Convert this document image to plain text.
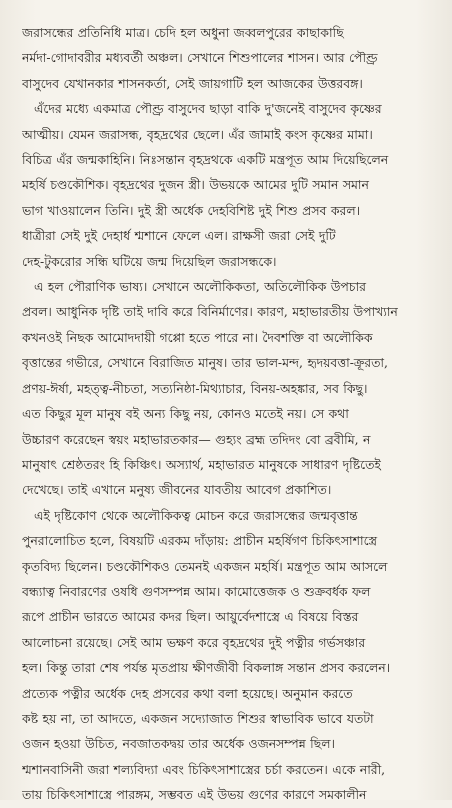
জরাসন্ধের প্রতিনিধি মাত্র। চেদি হল অধুনা জব্বলপুরের কাছাকাছি
নর্মদা-গোদাবরীর মধ্যবর্তী অঞ্চল। সেখানে শিশুপালের শাসন। আর পৌণ্ড্র
বাসুদেব যেখানকার শাসনকর্তা, সেই জায়গাটি হল আজকের উত্তরবঙ্গ।
এঁদের মধ্যে একমাত্র পৌণ্ড্র বাসুদেব ছাড়া বাকি দু'জনেই বাসুদেব কৃষ্ণের
আত্মীয়। যেমন জরাসন্ধ, বৃহদ্রথের ছেলে। এঁর জামাই কংস কৃষ্ণের মামা।
বিচিত্র এঁর জন্মকাহিনি। নিঃসন্তান বৃহদ্রথকে একটি মন্ত্রপূত আম দিয়েছিলেন
মহর্ষি চণ্ডকৌশিক। বৃহদ্রথের দুজন স্ত্রী। উভয়কে আমের দুটি সমান সমান
ভাগ খাওয়ালেন তিনি। দুই স্ত্রী অর্ধেক দেহবিশিষ্ট দুই শিশু প্রসব করল।
ধাত্রীরা সেই দুই দেহার্ধ শ্মশানে ফেলে এল। রাক্ষসী জরা সেই দুটি
দেহ-টুকরোর সন্ধি ঘটিয়ে জন্ম দিয়েছিল জরাসন্ধকে।
এ হল পৌরাণিক ভাষ্য। সেখানে অলৌকিকতা, অতিলৌকিক উপচার
প্রবল। আধুনিক দৃষ্টি তাই দাবি করে বিনির্মাণের। কারণ, মহাভারতীয় উপাখ্যান
কখনওই নিছক আমোদদায়ী গপ্পো হতে পারে না। দৈবশক্তি বা অলৌকিক
বৃত্তান্তের গভীরে, সেখানে বিরাজিত মানুষ। তার ভাল-মন্দ, হৃদয়বত্তা-ক্রূরতা,
প্রণয়-ঈর্ষা, মহত্ত্ব-নীচতা, সত্যনিষ্ঠা-মিথ্যাচার, বিনয়-অহঙ্কার, সব কিছু।
এত কিছুর মূল মানুষ বই অন্য কিছু নয়, কোনও মতেই নয়। সে কথা
উচ্চারণ করেছেন স্বয়ং মহাভারতকার— গুহ্যং ব্রহ্ম তদিদং বো ব্রবীমি, ন
মানুষাৎ শ্রেষ্ঠতরং হি কিঞ্চিৎ। অস্যার্থ, মহাভারত মানুষকে সাধারণ দৃষ্টিতেই
দেখেছে। তাই এখানে মনুষ্য জীবনের যাবতীয় আবেগ প্রকাশিত।
এই দৃষ্টিকোণ থেকে অলৌকিকত্ব মোচন করে জরাসন্ধের জন্মবৃত্তান্ত
পুনরালোচিত হলে, বিষয়টি এরকম দাঁড়ায়: প্রাচীন মহর্ষিগণ চিকিৎসাশাস্ত্রে
কৃতবিদ্য ছিলেন। চণ্ডকৌশিকও তেমনই একজন মহর্ষি। মন্ত্রপূত আম আসলে
বন্ধ্যাত্ব নিবারণের ওষধি গুণসম্পন্ন আম। কামোত্তেজক ও শুক্রবর্ধক ফল
রূপে প্রাচীন ভারতে আমের কদর ছিল। আয়ুর্বেদশাস্ত্রে এ বিষয়ে বিস্তর
আলোচনা রয়েছে। সেই আম ভক্ষণ করে বৃহদ্রথের দুই পত্নীর গর্ভসঞ্চার
হল। কিন্তু তারা শেষ পর্যন্ত মৃতপ্রায় ক্ষীণজীবী বিকলাঙ্গ সন্তান প্রসব করলেন।
প্রত্যেক পত্নীর অর্ধেক দেহ প্রসবের কথা বলা হয়েছে। অনুমান করতে
কষ্ট হয় না, তা আদতে, একজন সদ্যোজাত শিশুর স্বাভাবিক ভাবে যতটা
ওজন হওয়া উচিত, নবজাতকদ্বয় তার অর্ধেক ওজনসম্পন্ন ছিল।
শ্মশানবাসিনী জরা শল্যবিদ্যা এবং চিকিৎসাশাস্ত্রের চর্চা করতেন। একে নারী,
তায় চিকিৎসাশাস্ত্রে পারঙ্গম, সম্ভবত এই উভয় গুণের কারণে সমকালীন
